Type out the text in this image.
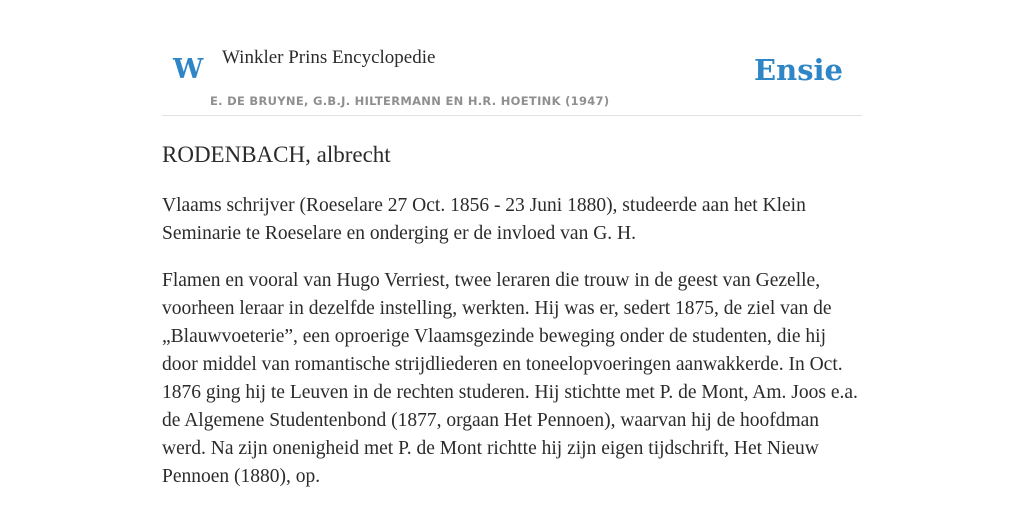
W Winkler Prins Encyclopedie
E. DE BRUYNE, G.B.J. HILTERMANN EN H.R. HOETINK (1947)
Ensie
RODENBACH, albrecht

Vlaams schrijver (Roeselare 27 Oct. 1856 - 23 Juni 1880), studeerde aan het Klein Seminarie te Roeselare en onderging er de invloed van G. H.

Flamen en vooral van Hugo Verriest, twee leraren die trouw in de geest van Gezelle, voorheen leraar in dezelfde instelling, werkten. Hij was er, sedert 1875, de ziel van de „Blauwvoeterie”, een oproerige Vlaamsgezinde beweging onder de studenten, die hij door middel van romantische strijdliederen en toneelopvoeringen aanwakkerde. In Oct. 1876 ging hij te Leuven in de rechten studeren. Hij stichtte met P. de Mont, Am. Joos e.a. de Algemene Studentenbond (1877, orgaan Het Pennoen), waarvan hij de hoofdman werd. Na zijn onenigheid met P. de Mont richtte hij zijn eigen tijdschrift, Het Nieuw Pennoen (1880), op.
